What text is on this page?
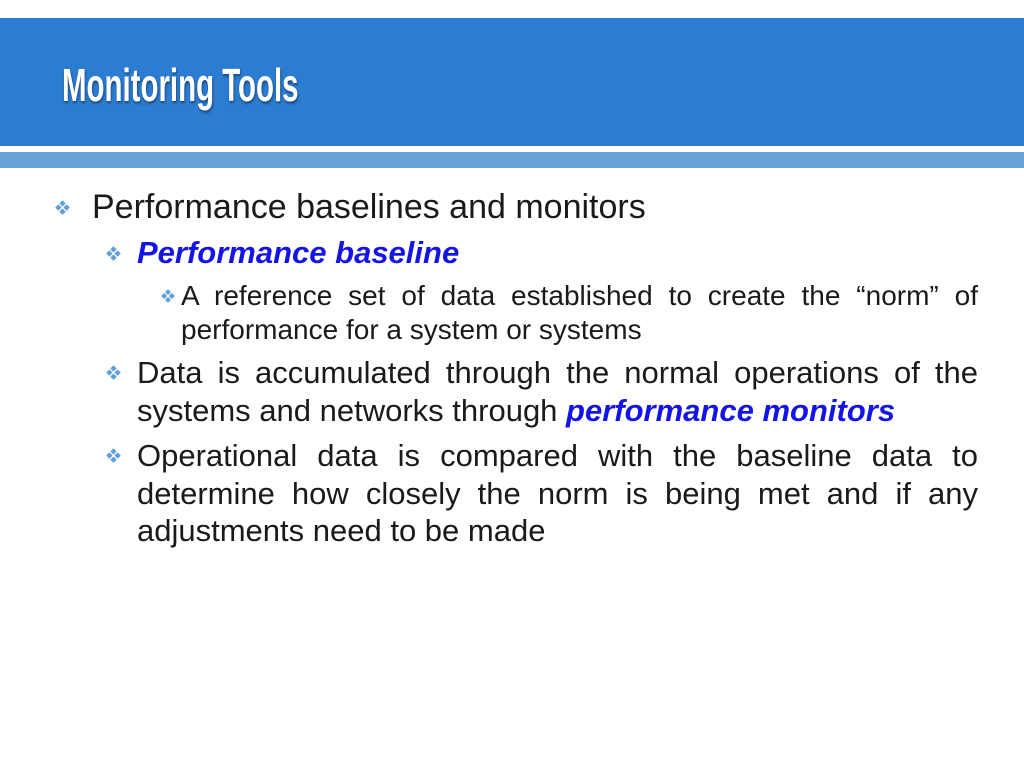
Monitoring Tools

Performance baselines and monitors

Performance baseline

A reference set of data established to create the “norm” of performance for a system or systems

Data is accumulated through the normal operations of the systems and networks through performance monitors

Operational data is compared with the baseline data to determine how closely the norm is being met and if any adjustments need to be made
